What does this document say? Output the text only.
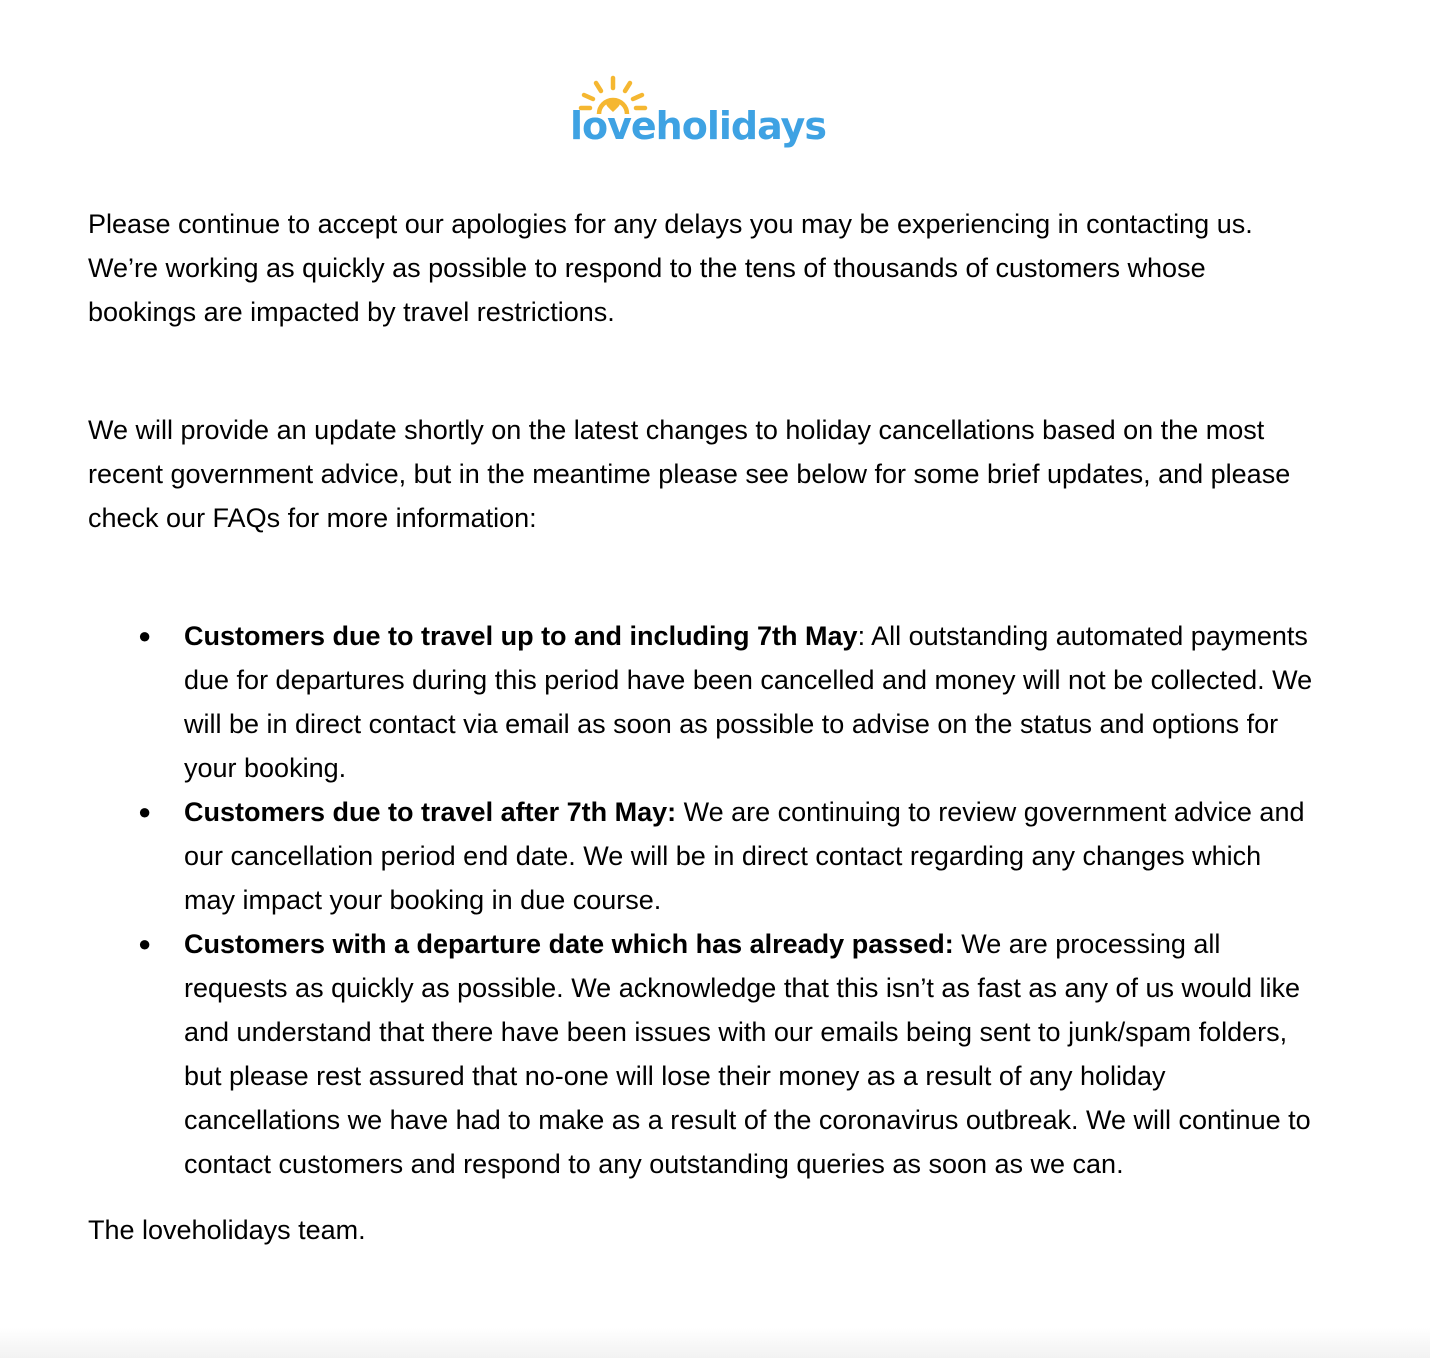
loveholidays

Please continue to accept our apologies for any delays you may be experiencing in contacting us. We’re working as quickly as possible to respond to the tens of thousands of customers whose bookings are impacted by travel restrictions.

We will provide an update shortly on the latest changes to holiday cancellations based on the most recent government advice, but in the meantime please see below for some brief updates, and please check our FAQs for more information:

● Customers due to travel up to and including 7th May: All outstanding automated payments due for departures during this period have been cancelled and money will not be collected. We will be in direct contact via email as soon as possible to advise on the status and options for your booking.
● Customers due to travel after 7th May: We are continuing to review government advice and our cancellation period end date. We will be in direct contact regarding any changes which may impact your booking in due course.
● Customers with a departure date which has already passed: We are processing all requests as quickly as possible. We acknowledge that this isn’t as fast as any of us would like and understand that there have been issues with our emails being sent to junk/spam folders, but please rest assured that no-one will lose their money as a result of any holiday cancellations we have had to make as a result of the coronavirus outbreak. We will continue to contact customers and respond to any outstanding queries as soon as we can.

The loveholidays team.
